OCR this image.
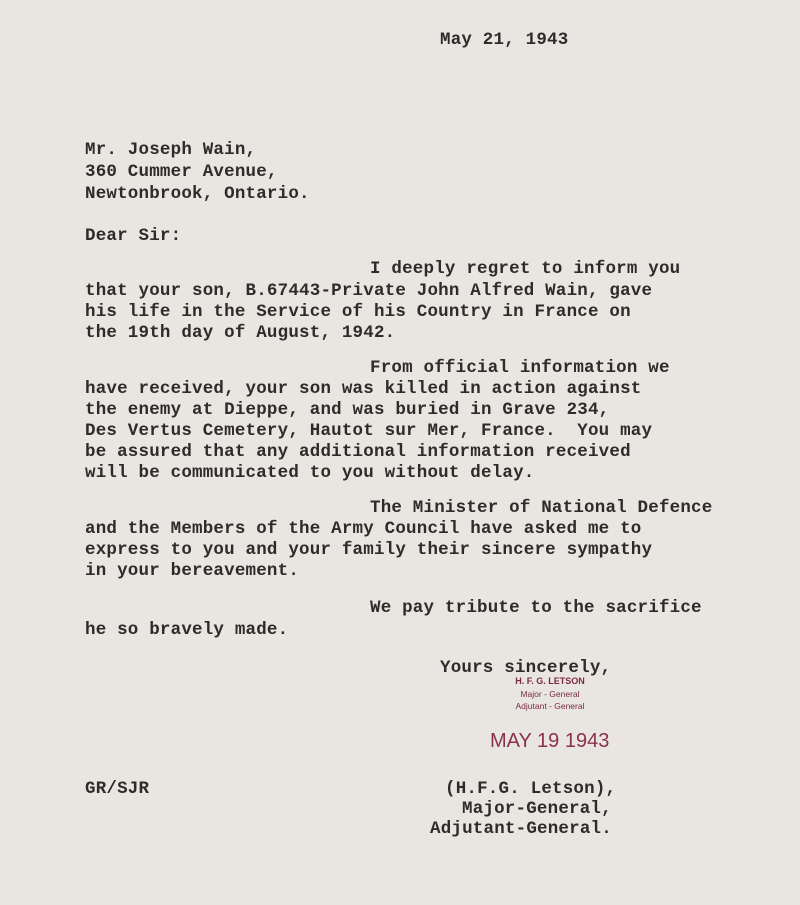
May 21, 1943
Mr. Joseph Wain,
360 Cummer Avenue,
Newtonbrook, Ontario.
Dear Sir:
I deeply regret to inform you
that your son, B.67443-Private John Alfred Wain, gave
his life in the Service of his Country in France on
the 19th day of August, 1942.
From official information we
have received, your son was killed in action against
the enemy at Dieppe, and was buried in Grave 234,
Des Vertus Cemetery, Hautot sur Mer, France.  You may
be assured that any additional information received
will be communicated to you without delay.
The Minister of National Defence
and the Members of the Army Council have asked me to
express to you and your family their sincere sympathy
in your bereavement.
We pay tribute to the sacrifice
he so bravely made.
Yours sincerely,
H. F. G. LETSON
Major - General
Adjutant - General
MAY 19 1943
GR/SJR	(H.F.G. Letson),
Major-General,
Adjutant-General.
